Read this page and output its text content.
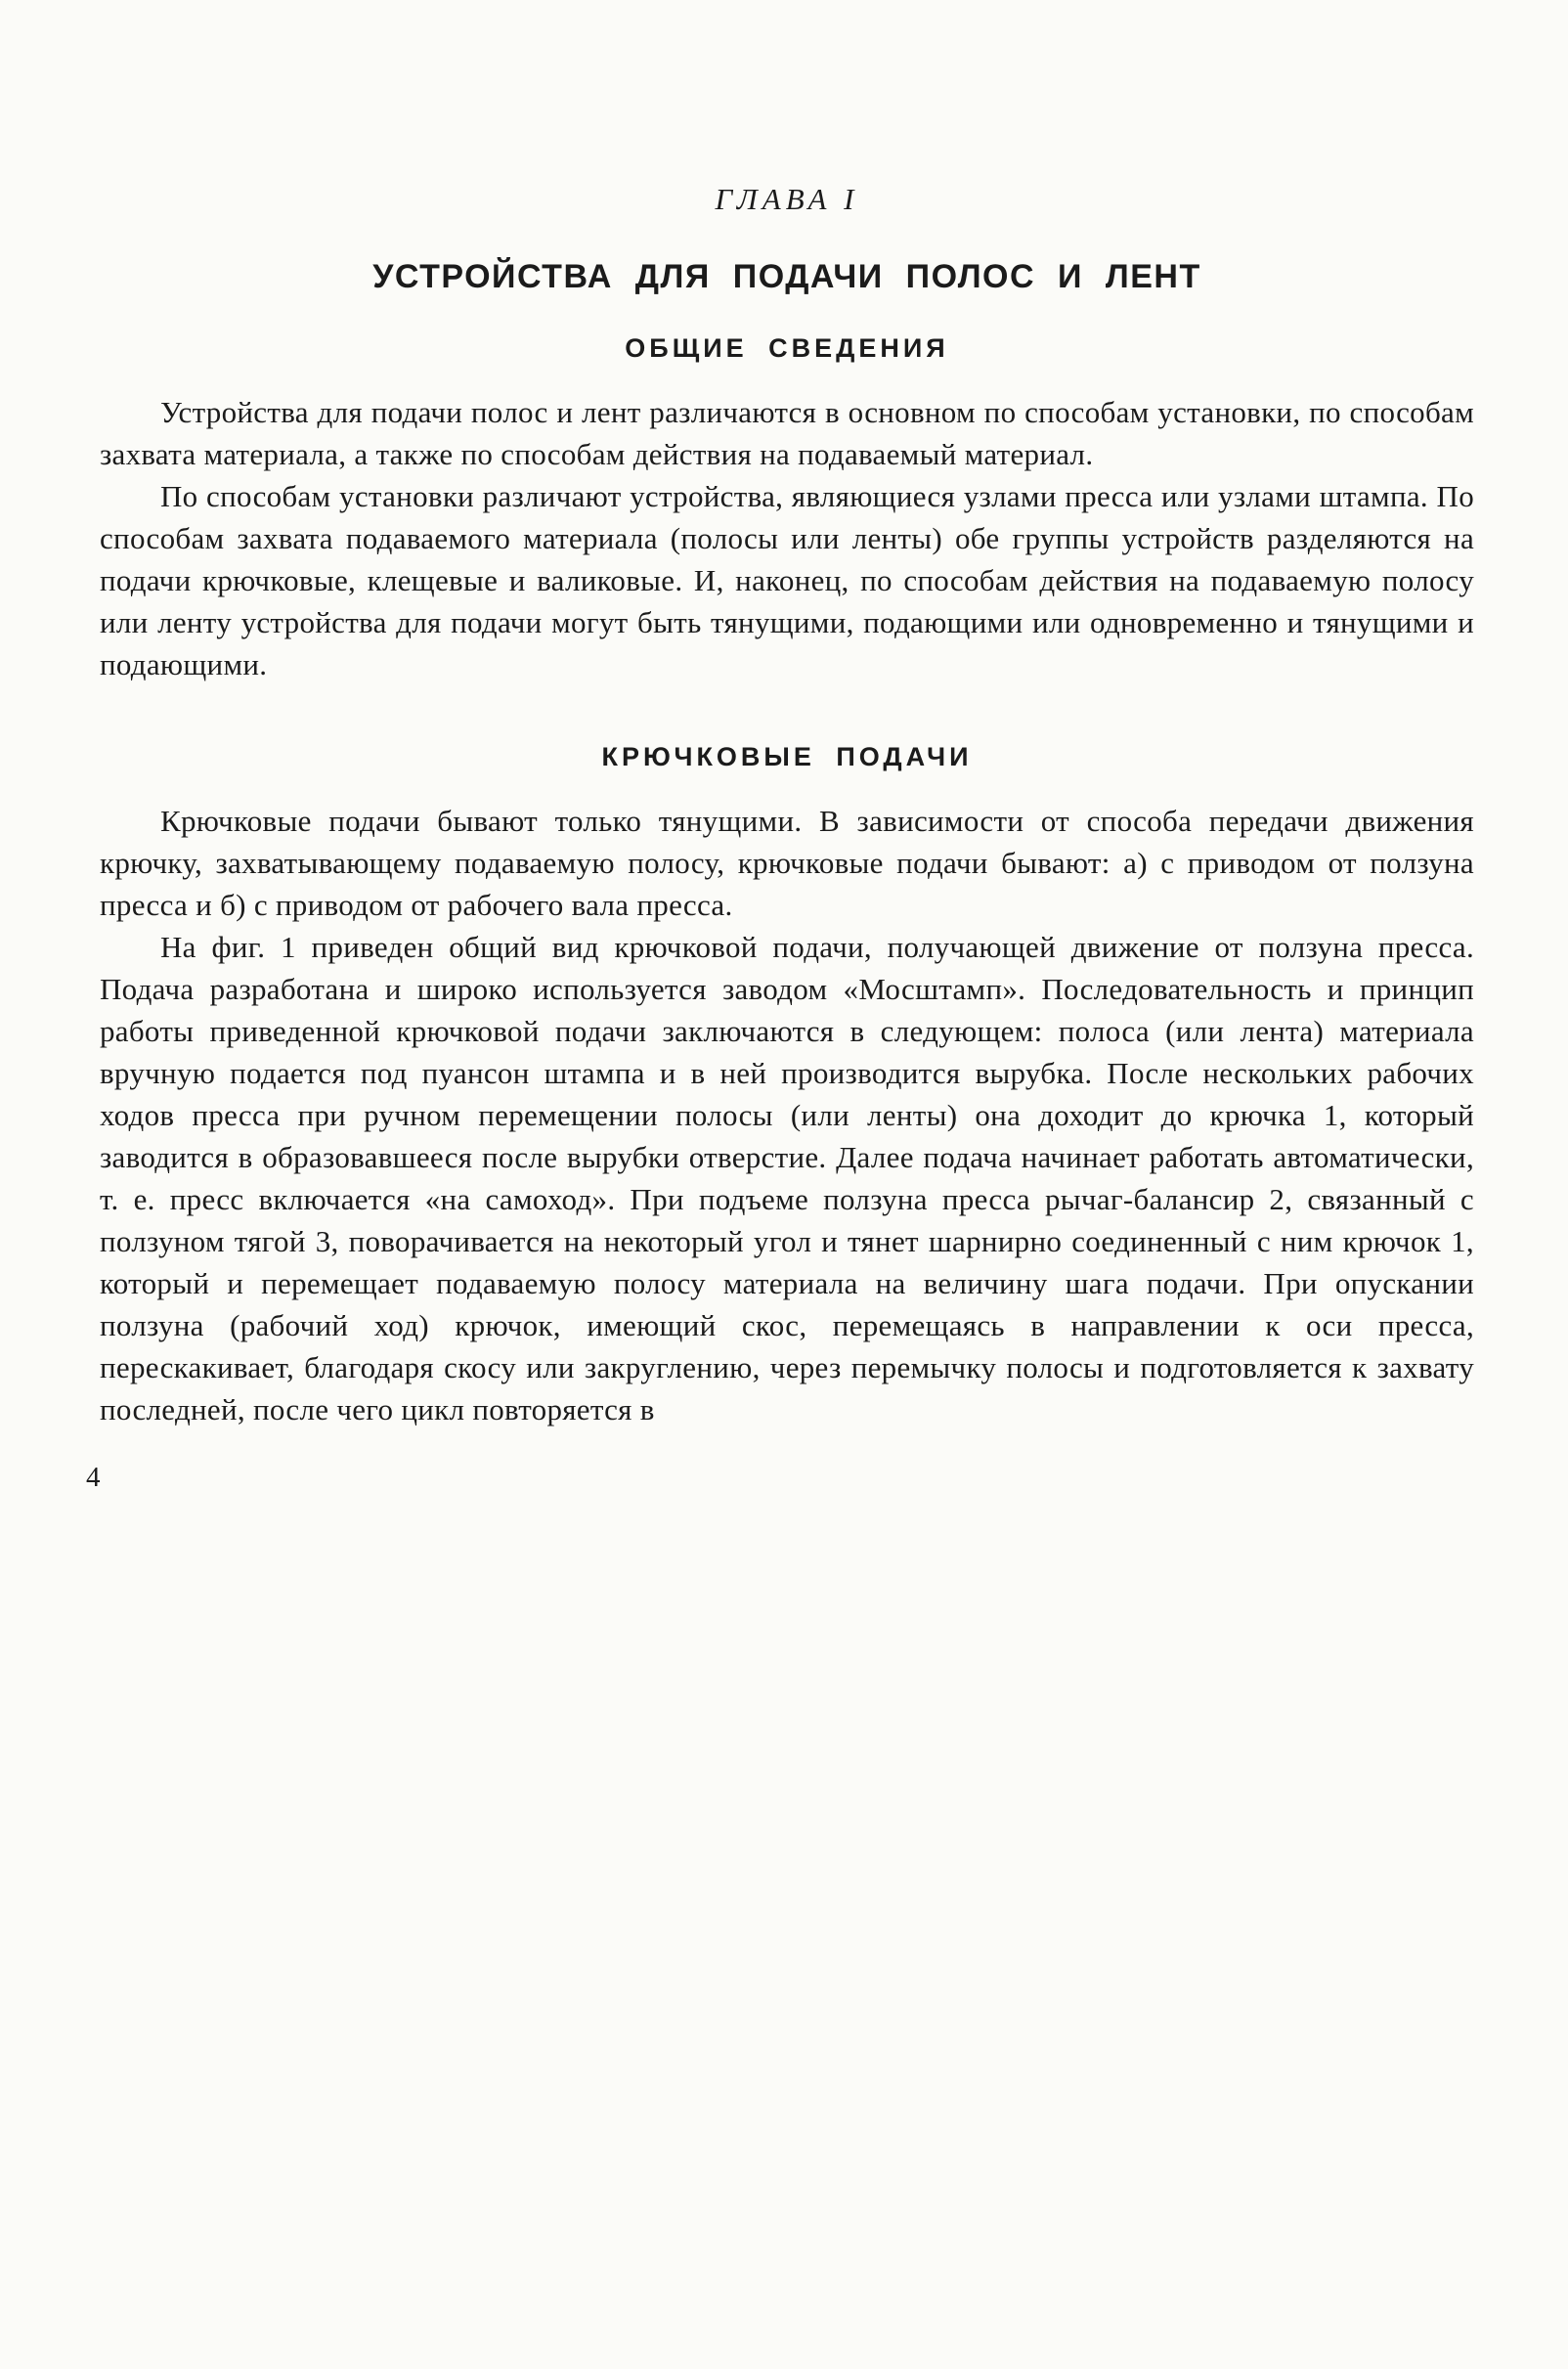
ГЛАВА I
УСТРОЙСТВА ДЛЯ ПОДАЧИ ПОЛОС И ЛЕНТ
ОБЩИЕ СВЕДЕНИЯ

Устройства для подачи полос и лент различаются в основном по способам установки, по способам захвата материала, а также по способам действия на подаваемый материал.

По способам установки различают устройства, являющиеся узлами пресса или узлами штампа. По способам захвата подаваемого материала (полосы или ленты) обе группы устройств разделяются на подачи крючковые, клещевые и валиковые. И, наконец, по способам действия на подаваемую полосу или ленту устройства для подачи могут быть тянущими, подающими или одновременно и тянущими и подающими.

КРЮЧКОВЫЕ ПОДАЧИ

Крючковые подачи бывают только тянущими. В зависимости от способа передачи движения крючку, захватывающему подаваемую полосу, крючковые подачи бывают: а) с приводом от ползуна пресса и б) с приводом от рабочего вала пресса.

На фиг. 1 приведен общий вид крючковой подачи, получающей движение от ползуна пресса. Подача разработана и широко используется заводом «Мосштамп». Последовательность и принцип работы приведенной крючковой подачи заключаются в следующем: полоса (или лента) материала вручную подается под пуансон штампа и в ней производится вырубка. После нескольких рабочих ходов пресса при ручном перемещении полосы (или ленты) она доходит до крючка 1, который заводится в образовавшееся после вырубки отверстие. Далее подача начинает работать автоматически, т. е. пресс включается «на самоход». При подъеме ползуна пресса рычаг-балансир 2, связанный с ползуном тягой 3, поворачивается на некоторый угол и тянет шарнирно соединенный с ним крючок 1, который и перемещает подаваемую полосу материала на величину шага подачи. При опускании ползуна (рабочий ход) крючок, имеющий скос, перемещаясь в направлении к оси пресса, перескакивает, благодаря скосу или закруглению, через перемычку полосы и подготовляется к захвату последней, после чего цикл повторяется в

4
